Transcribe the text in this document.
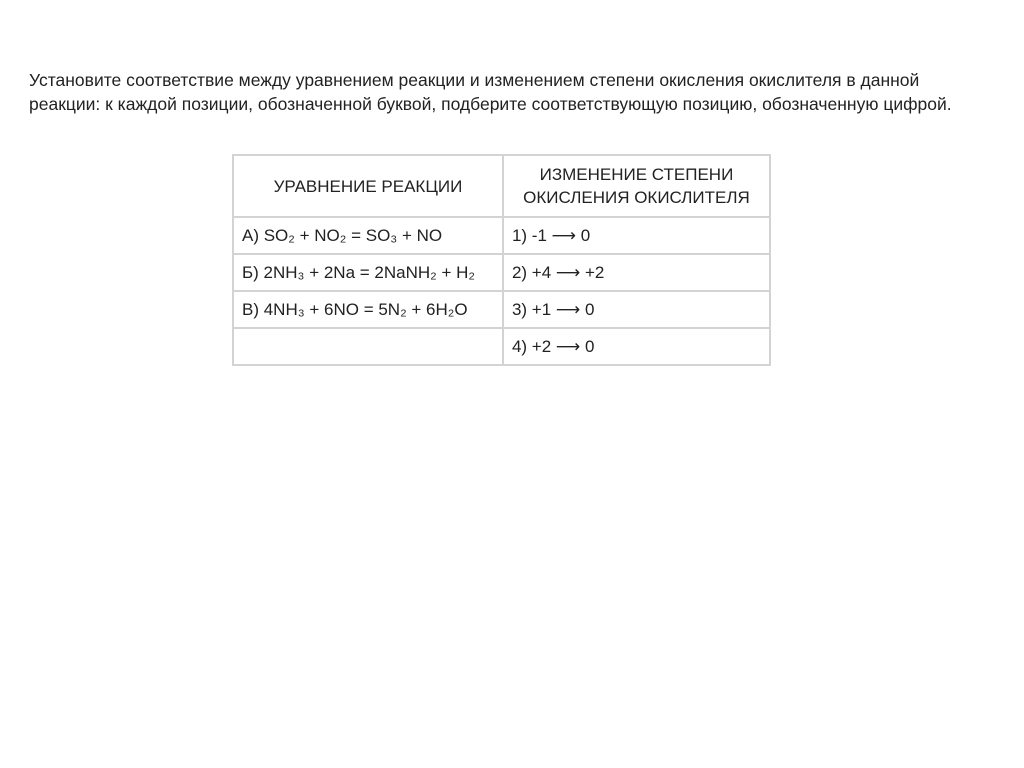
Установите соответствие между уравнением реакции и изменением степени окисления окислителя в данной реакции: к каждой позиции, обозначенной буквой, подберите соответствующую позицию, обозначенную цифрой.

УРАВНЕНИЕ РЕАКЦИИ	ИЗМЕНЕНИЕ СТЕПЕНИ ОКИСЛЕНИЯ ОКИСЛИТЕЛЯ
А) SO₂ + NO₂ = SO₃ + NO	1) -1 ⟶ 0
Б) 2NH₃ + 2Na = 2NaNH₂ + H₂	2) +4 ⟶ +2
В) 4NH₃ + 6NO = 5N₂ + 6H₂O	3) +1 ⟶ 0
	4) +2 ⟶ 0
